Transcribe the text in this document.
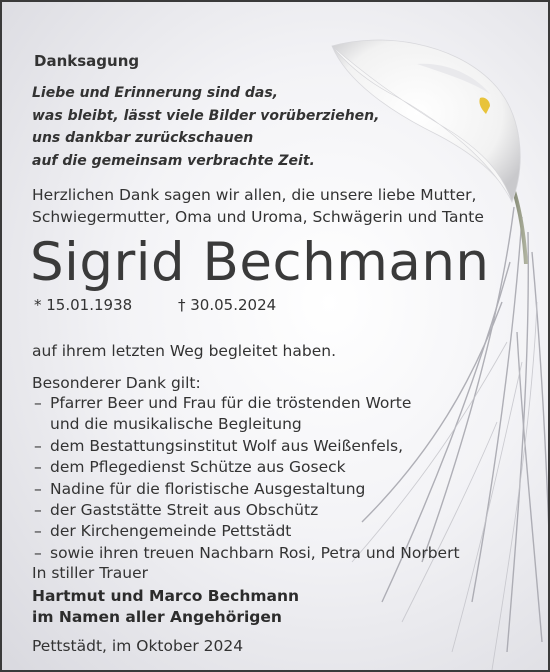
Danksagung
Liebe und Erinnerung sind das,
was bleibt, lässt viele Bilder vorüberziehen,
uns dankbar zurückschauen
auf die gemeinsam verbrachte Zeit.
Herzlichen Dank sagen wir allen, die unsere liebe Mutter,
Schwiegermutter, Oma und Uroma, Schwägerin und Tante
Sigrid Bechmann
* 15.01.1938	† 30.05.2024
auf ihrem letzten Weg begleitet haben.
Besonderer Dank gilt:
– Pfarrer Beer und Frau für die tröstenden Worte
und die musikalische Begleitung
– dem Bestattungsinstitut Wolf aus Weißenfels,
– dem Pflegedienst Schütze aus Goseck
– Nadine für die floristische Ausgestaltung
– der Gaststätte Streit aus Obschütz
– der Kirchengemeinde Pettstädt
– sowie ihren treuen Nachbarn Rosi, Petra und Norbert
In stiller Trauer
Hartmut und Marco Bechmann
im Namen aller Angehörigen
Pettstädt, im Oktober 2024
